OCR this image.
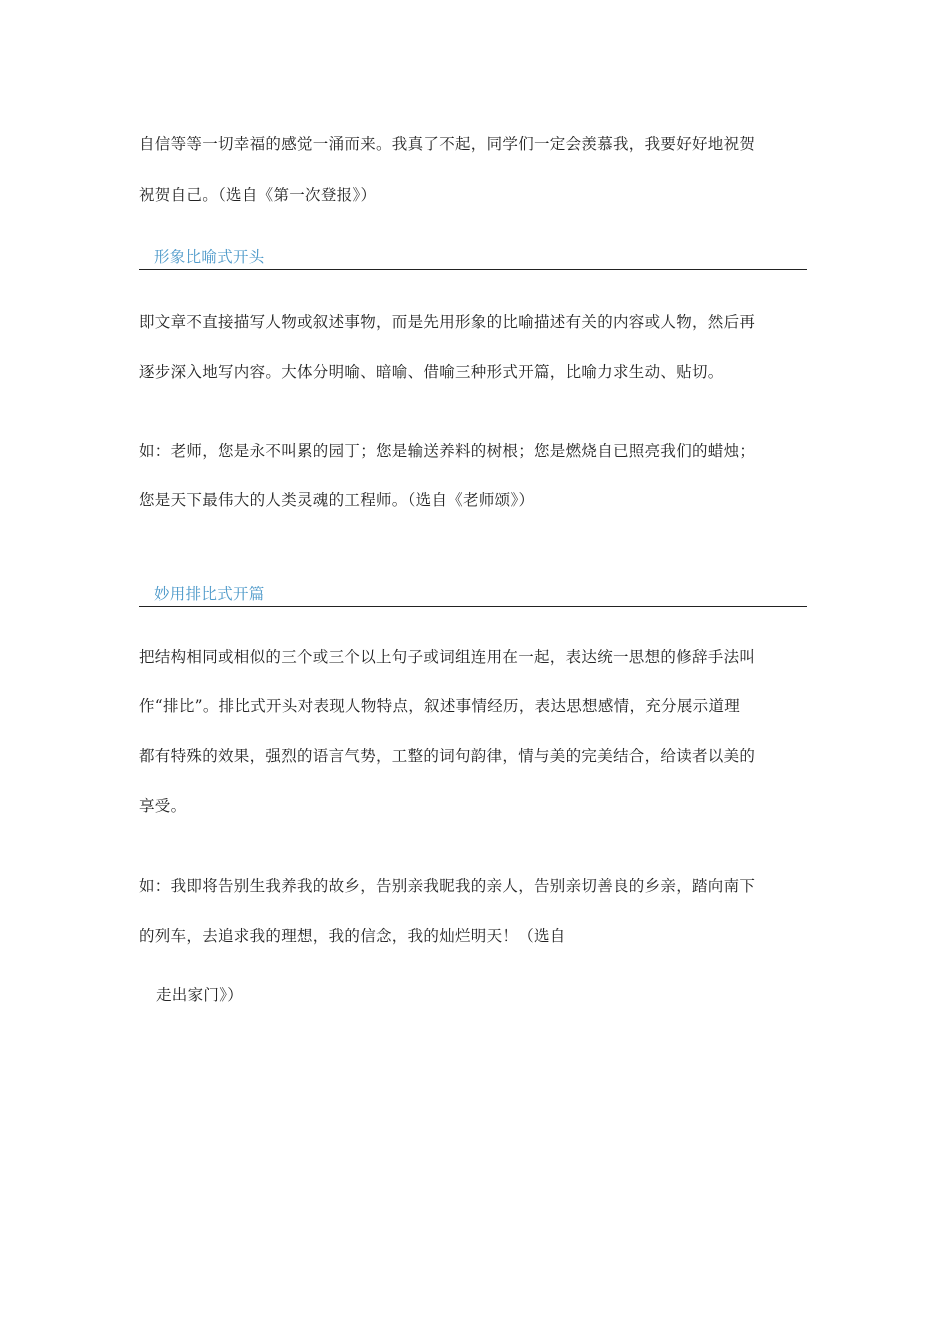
自信等等一切幸福的感觉一涌而来。我真了不起，同学们一定会羡慕我，我要好好地祝贺
祝贺自己。（选自《第一次登报》）
形象比喻式开头
即文章不直接描写人物或叙述事物，而是先用形象的比喻描述有关的内容或人物，然后再
逐步深入地写内容。大体分明喻、暗喻、借喻三种形式开篇，比喻力求生动、贴切。
如：老师，您是永不叫累的园丁；您是输送养料的树根；您是燃烧自已照亮我们的蜡烛；
您是天下最伟大的人类灵魂的工程师。（选自《老师颂》）
妙用排比式开篇
把结构相同或相似的三个或三个以上句子或词组连用在一起，表达统一思想的修辞手法叫
作“排比”。排比式开头对表现人物特点，叙述事情经历，表达思想感情，充分展示道理
都有特殊的效果，强烈的语言气势，工整的词句韵律，情与美的完美结合，给读者以美的
享受。
如：我即将告别生我养我的故乡，告别亲我昵我的亲人，告别亲切善良的乡亲，踏向南下
的列车，去追求我的理想，我的信念，我的灿烂明天！（选自
走出家门》）
